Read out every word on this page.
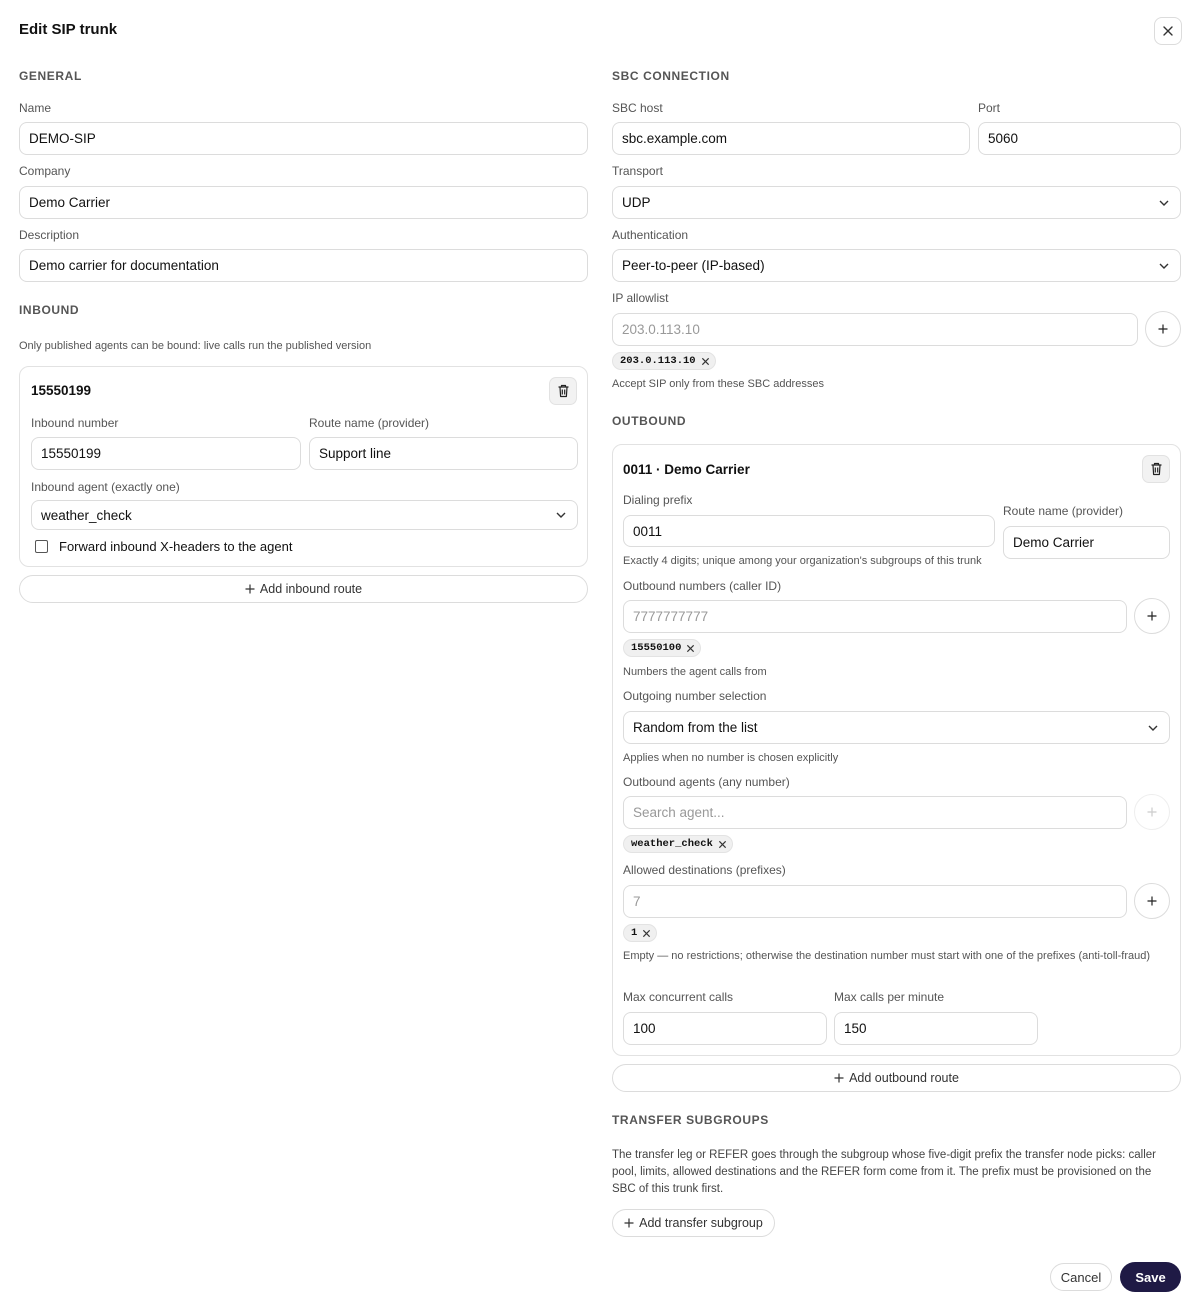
Edit SIP trunk
GENERAL
Name
DEMO-SIP
Company
Demo Carrier
Description
Demo carrier for documentation
INBOUND
Only published agents can be bound: live calls run the published version
15550199
Inbound number
15550199
Route name (provider)
Support line
Inbound agent (exactly one)
weather_check
Forward inbound X-headers to the agent
Add inbound route
SBC CONNECTION
SBC host
sbc.example.com
Port
5060
Transport
UDP
Authentication
Peer-to-peer (IP-based)
IP allowlist
203.0.113.10
203.0.113.10
Accept SIP only from these SBC addresses
OUTBOUND
0011 · Demo Carrier
Dialing prefix
0011
Exactly 4 digits; unique among your organization's subgroups of this trunk
Route name (provider)
Demo Carrier
Outbound numbers (caller ID)
7777777777
15550100
Numbers the agent calls from
Outgoing number selection
Random from the list
Applies when no number is chosen explicitly
Outbound agents (any number)
Search agent...
weather_check
Allowed destinations (prefixes)
7
1
Empty — no restrictions; otherwise the destination number must start with one of the prefixes (anti-toll-fraud)
Max concurrent calls
100
Max calls per minute
150
Add outbound route
TRANSFER SUBGROUPS
The transfer leg or REFER goes through the subgroup whose five-digit prefix the transfer node picks: caller pool, limits, allowed destinations and the REFER form come from it. The prefix must be provisioned on the SBC of this trunk first.
Add transfer subgroup
Cancel	Save
